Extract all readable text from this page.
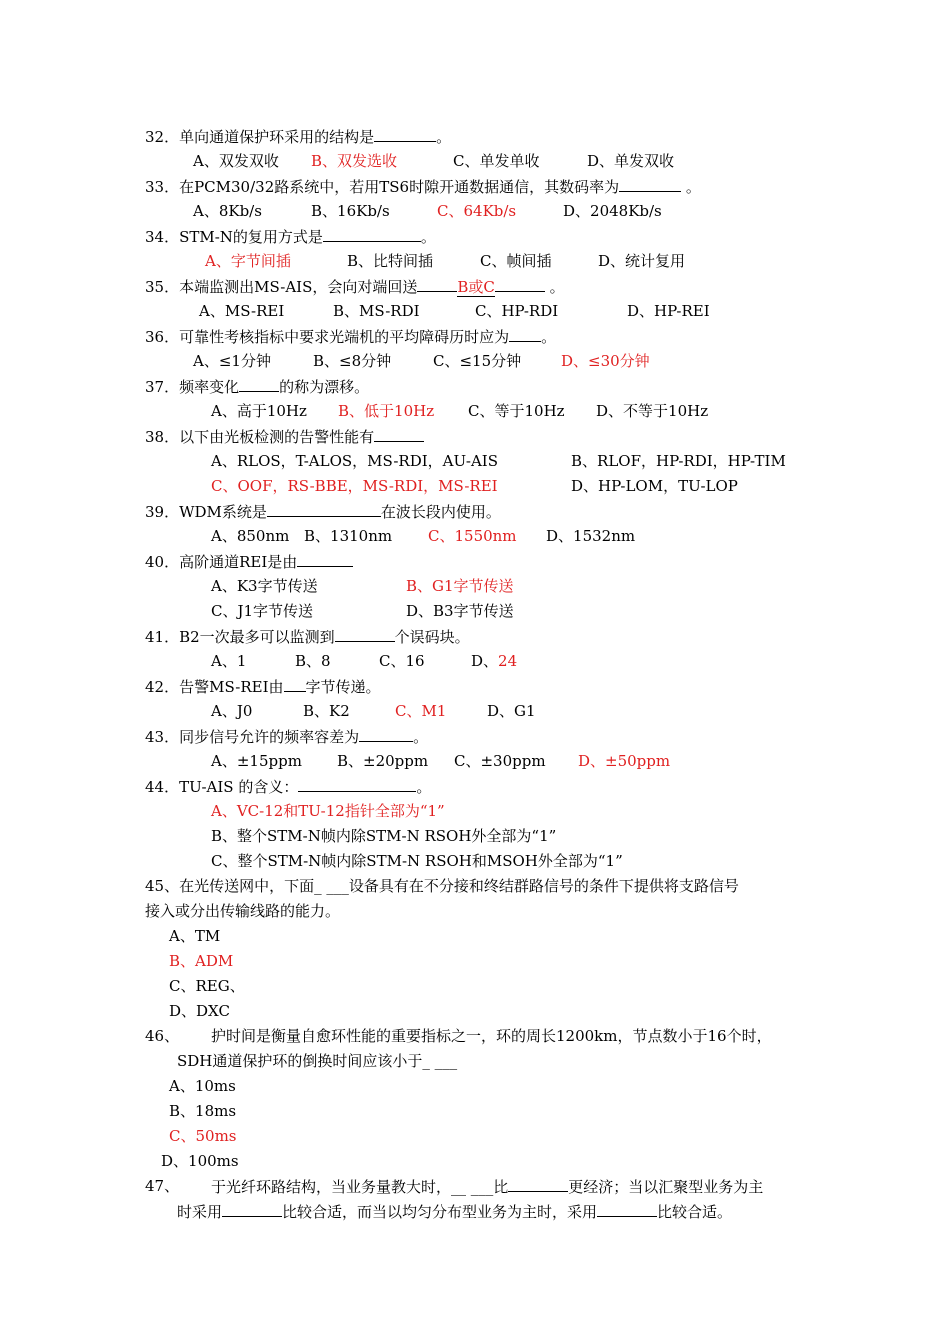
32．单向通道保护环采用的结构是	。
A、双发双收 B、双发选收	C、单发单收	D、单发双收
33．在PCM30/32路系统中，若用TS6时隙开通数据通信，其数码率为	。
A、8Kb/s	B、16Kb/s	C、64Kb/s	D、2048Kb/s
34．STM-N的复用方式是	。
A、字节间插	B、比特间插	C、帧间插	D、统计复用
35．本端监测出MS-AIS，会向对端回送	B或C	。
A、MS-REI	B、MS-RDI	C、HP-RDI	D、HP-REI
36．可靠性考核指标中要求光端机的平均障碍历时应为 。
A、≤1分钟	B、≤8分钟	C、≤15分钟	D、≤30分钟
37．频率变化	的称为漂移。
A、高于10Hz B、低于10Hz C、等于10Hz D、不等于10Hz
38．以下由光板检测的告警性能有
A、RLOS，T-ALOS，MS-RDI，AU-AIS	B、RLOF，HP-RDI，HP-TIM
C、OOF，RS-BBE，MS-RDI，MS-REI	D、HP-LOM，TU-LOP
39．WDM系统是	在波长段内使用。
A、850nm B、1310nm C、1550nm D、1532nm
40．高阶通道REI是由
A、K3字节传送	B、G1字节传送
C、J1字节传送	D、B3字节传送
41．B2一次最多可以监测到	个误码块。
A、1	B、8	C、16	D、24
42．告警MS-REI由 字节传递。
A、J0	B、K2	C、M1	D、G1
43．同步信号允许的频率容差为	。
A、±15ppm B、±20ppm C、±30ppm D、±50ppm
44．TU-AIS 的含义：	。
A、VC-12和TU-12指针全部为“1”
B、整个STM-N帧内除STM-N RSOH外全部为“1”
C、整个STM-N帧内除STM-N RSOH和MSOH外全部为“1”
45、在光传送网中，下面_ ___设备具有在不分接和终结群路信号的条件下提供将支路信号
接入或分出传输线路的能力。
A、TM
B、ADM
C、REG、
D、DXC
46、 护时间是衡量自愈环性能的重要指标之一，环的周长1200km，节点数小于16个时，
SDH通道保护环的倒换时间应该小于_ ___
A、10ms
B、18ms
C、50ms
D、100ms
47、 于光纤环路结构，当业务量教大时，__ ___比	更经济；当以汇聚型业务为主
时采用	比较合适，而当以均匀分布型业务为主时，采用	比较合适。
